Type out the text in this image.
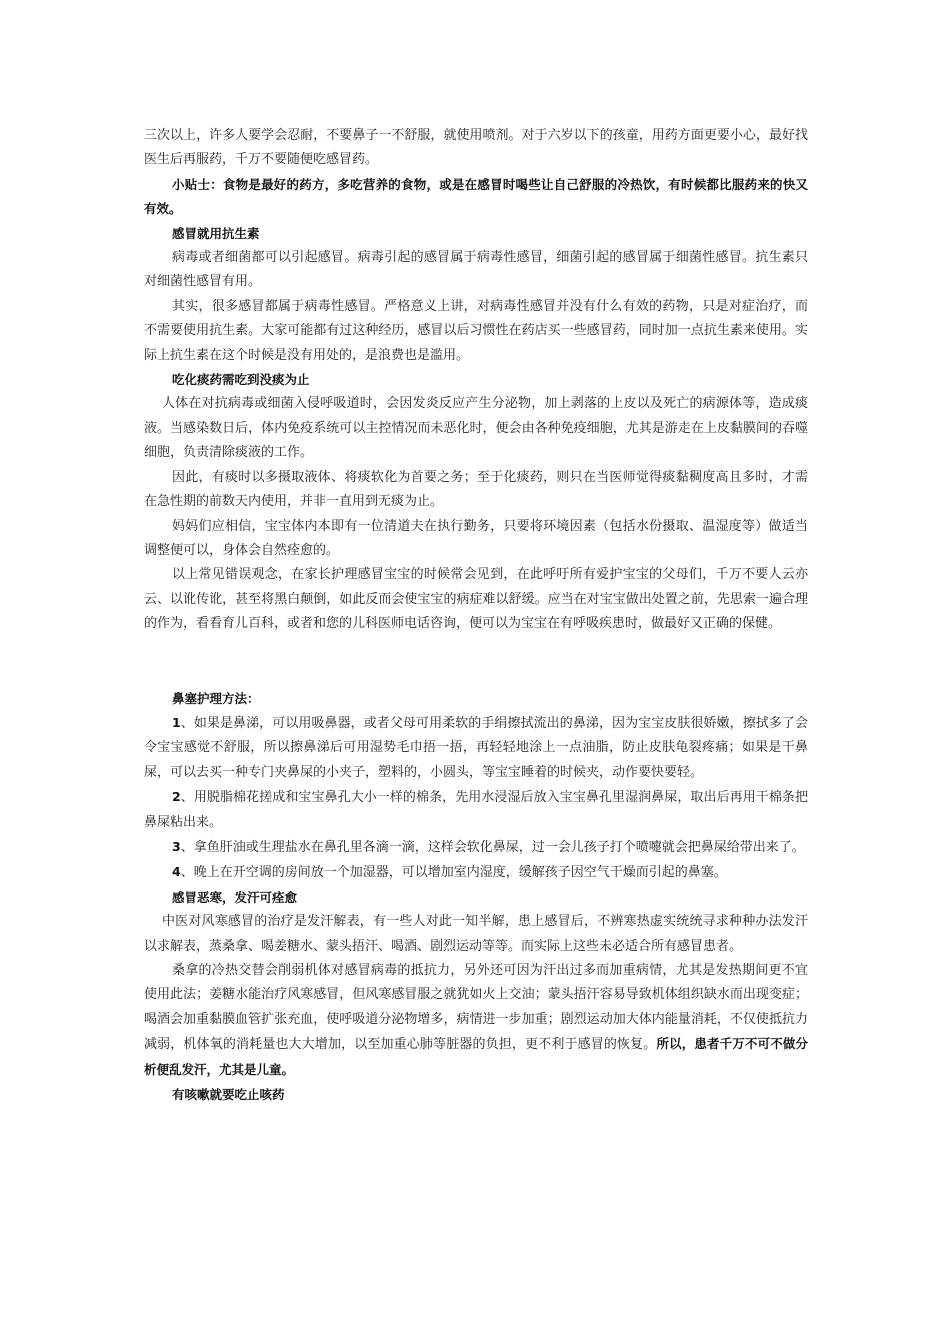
三次以上，许多人要学会忍耐，不要鼻子一不舒服，就使用喷剂。对于六岁以下的孩童，用药方面更要小心，最好找医生后再服药，千万不要随便吃感冒药。

小贴士：食物是最好的药方，多吃营养的食物，或是在感冒时喝些让自己舒服的冷热饮，有时候都比服药来的快又有效。

感冒就用抗生素

病毒或者细菌都可以引起感冒。病毒引起的感冒属于病毒性感冒，细菌引起的感冒属于细菌性感冒。抗生素只对细菌性感冒有用。

其实，很多感冒都属于病毒性感冒。严格意义上讲，对病毒性感冒并没有什么有效的药物，只是对症治疗，而不需要使用抗生素。大家可能都有过这种经历，感冒以后习惯性在药店买一些感冒药，同时加一点抗生素来使用。实际上抗生素在这个时候是没有用处的，是浪费也是滥用。

吃化痰药需吃到没痰为止

人体在对抗病毒或细菌入侵呼吸道时，会因发炎反应产生分泌物，加上剥落的上皮以及死亡的病源体等，造成痰液。当感染数日后，体内免疫系统可以主控情况而未恶化时，便会由各种免疫细胞，尤其是游走在上皮黏膜间的吞噬细胞，负责清除痰液的工作。

因此，有痰时以多摄取液体、将痰软化为首要之务；至于化痰药，则只在当医师觉得痰黏稠度高且多时，才需在急性期的前数天内使用，并非一直用到无痰为止。

妈妈们应相信，宝宝体内本即有一位清道夫在执行勤务，只要将环境因素（包括水份摄取、温湿度等）做适当调整便可以，身体会自然痊愈的。

以上常见错误观念，在家长护理感冒宝宝的时候常会见到，在此呼吁所有爱护宝宝的父母们，千万不要人云亦云、以讹传讹，甚至将黑白颠倒，如此反而会使宝宝的病症难以舒缓。应当在对宝宝做出处置之前，先思索一遍合理的作为，看看育儿百科，或者和您的儿科医师电话咨询，便可以为宝宝在有呼吸疾患时，做最好又正确的保健。

鼻塞护理方法：

1、如果是鼻涕，可以用吸鼻器，或者父母可用柔软的手绢擦拭流出的鼻涕，因为宝宝皮肤很娇嫩，擦拭多了会令宝宝感觉不舒服，所以擦鼻涕后可用湿势毛巾捂一捂，再轻轻地涂上一点油脂，防止皮肤龟裂疼痛；如果是干鼻屎，可以去买一种专门夹鼻屎的小夹子，塑料的，小圆头，等宝宝睡着的时候夹，动作要快要轻。

2、用脱脂棉花搓成和宝宝鼻孔大小一样的棉条，先用水浸湿后放入宝宝鼻孔里湿润鼻屎，取出后再用干棉条把鼻屎粘出来。

3、拿鱼肝油或生理盐水在鼻孔里各滴一滴，这样会软化鼻屎，过一会儿孩子打个喷嚏就会把鼻屎给带出来了。

4、晚上在开空调的房间放一个加湿器，可以增加室内湿度，缓解孩子因空气干燥而引起的鼻塞。

感冒恶寒，发汗可痊愈

中医对风寒感冒的治疗是发汗解表，有一些人对此一知半解，患上感冒后，不辨寒热虚实统统寻求种种办法发汗以求解表，蒸桑拿、喝姜糖水、蒙头捂汗、喝酒、剧烈运动等等。而实际上这些未必适合所有感冒患者。

桑拿的冷热交替会削弱机体对感冒病毒的抵抗力，另外还可因为汗出过多而加重病情，尤其是发热期间更不宜使用此法；姜糖水能治疗风寒感冒，但风寒感冒服之就犹如火上交油；蒙头捂汗容易导致机体组织缺水而出现变症；喝酒会加重黏膜血管扩张充血，使呼吸道分泌物增多，病情进一步加重；剧烈运动加大体内能量消耗，不仅使抵抗力减弱，机体氧的消耗量也大大增加，以至加重心肺等脏器的负担，更不利于感冒的恢复。所以，患者千万不可不做分析便乱发汗，尤其是儿童。

有咳嗽就要吃止咳药
